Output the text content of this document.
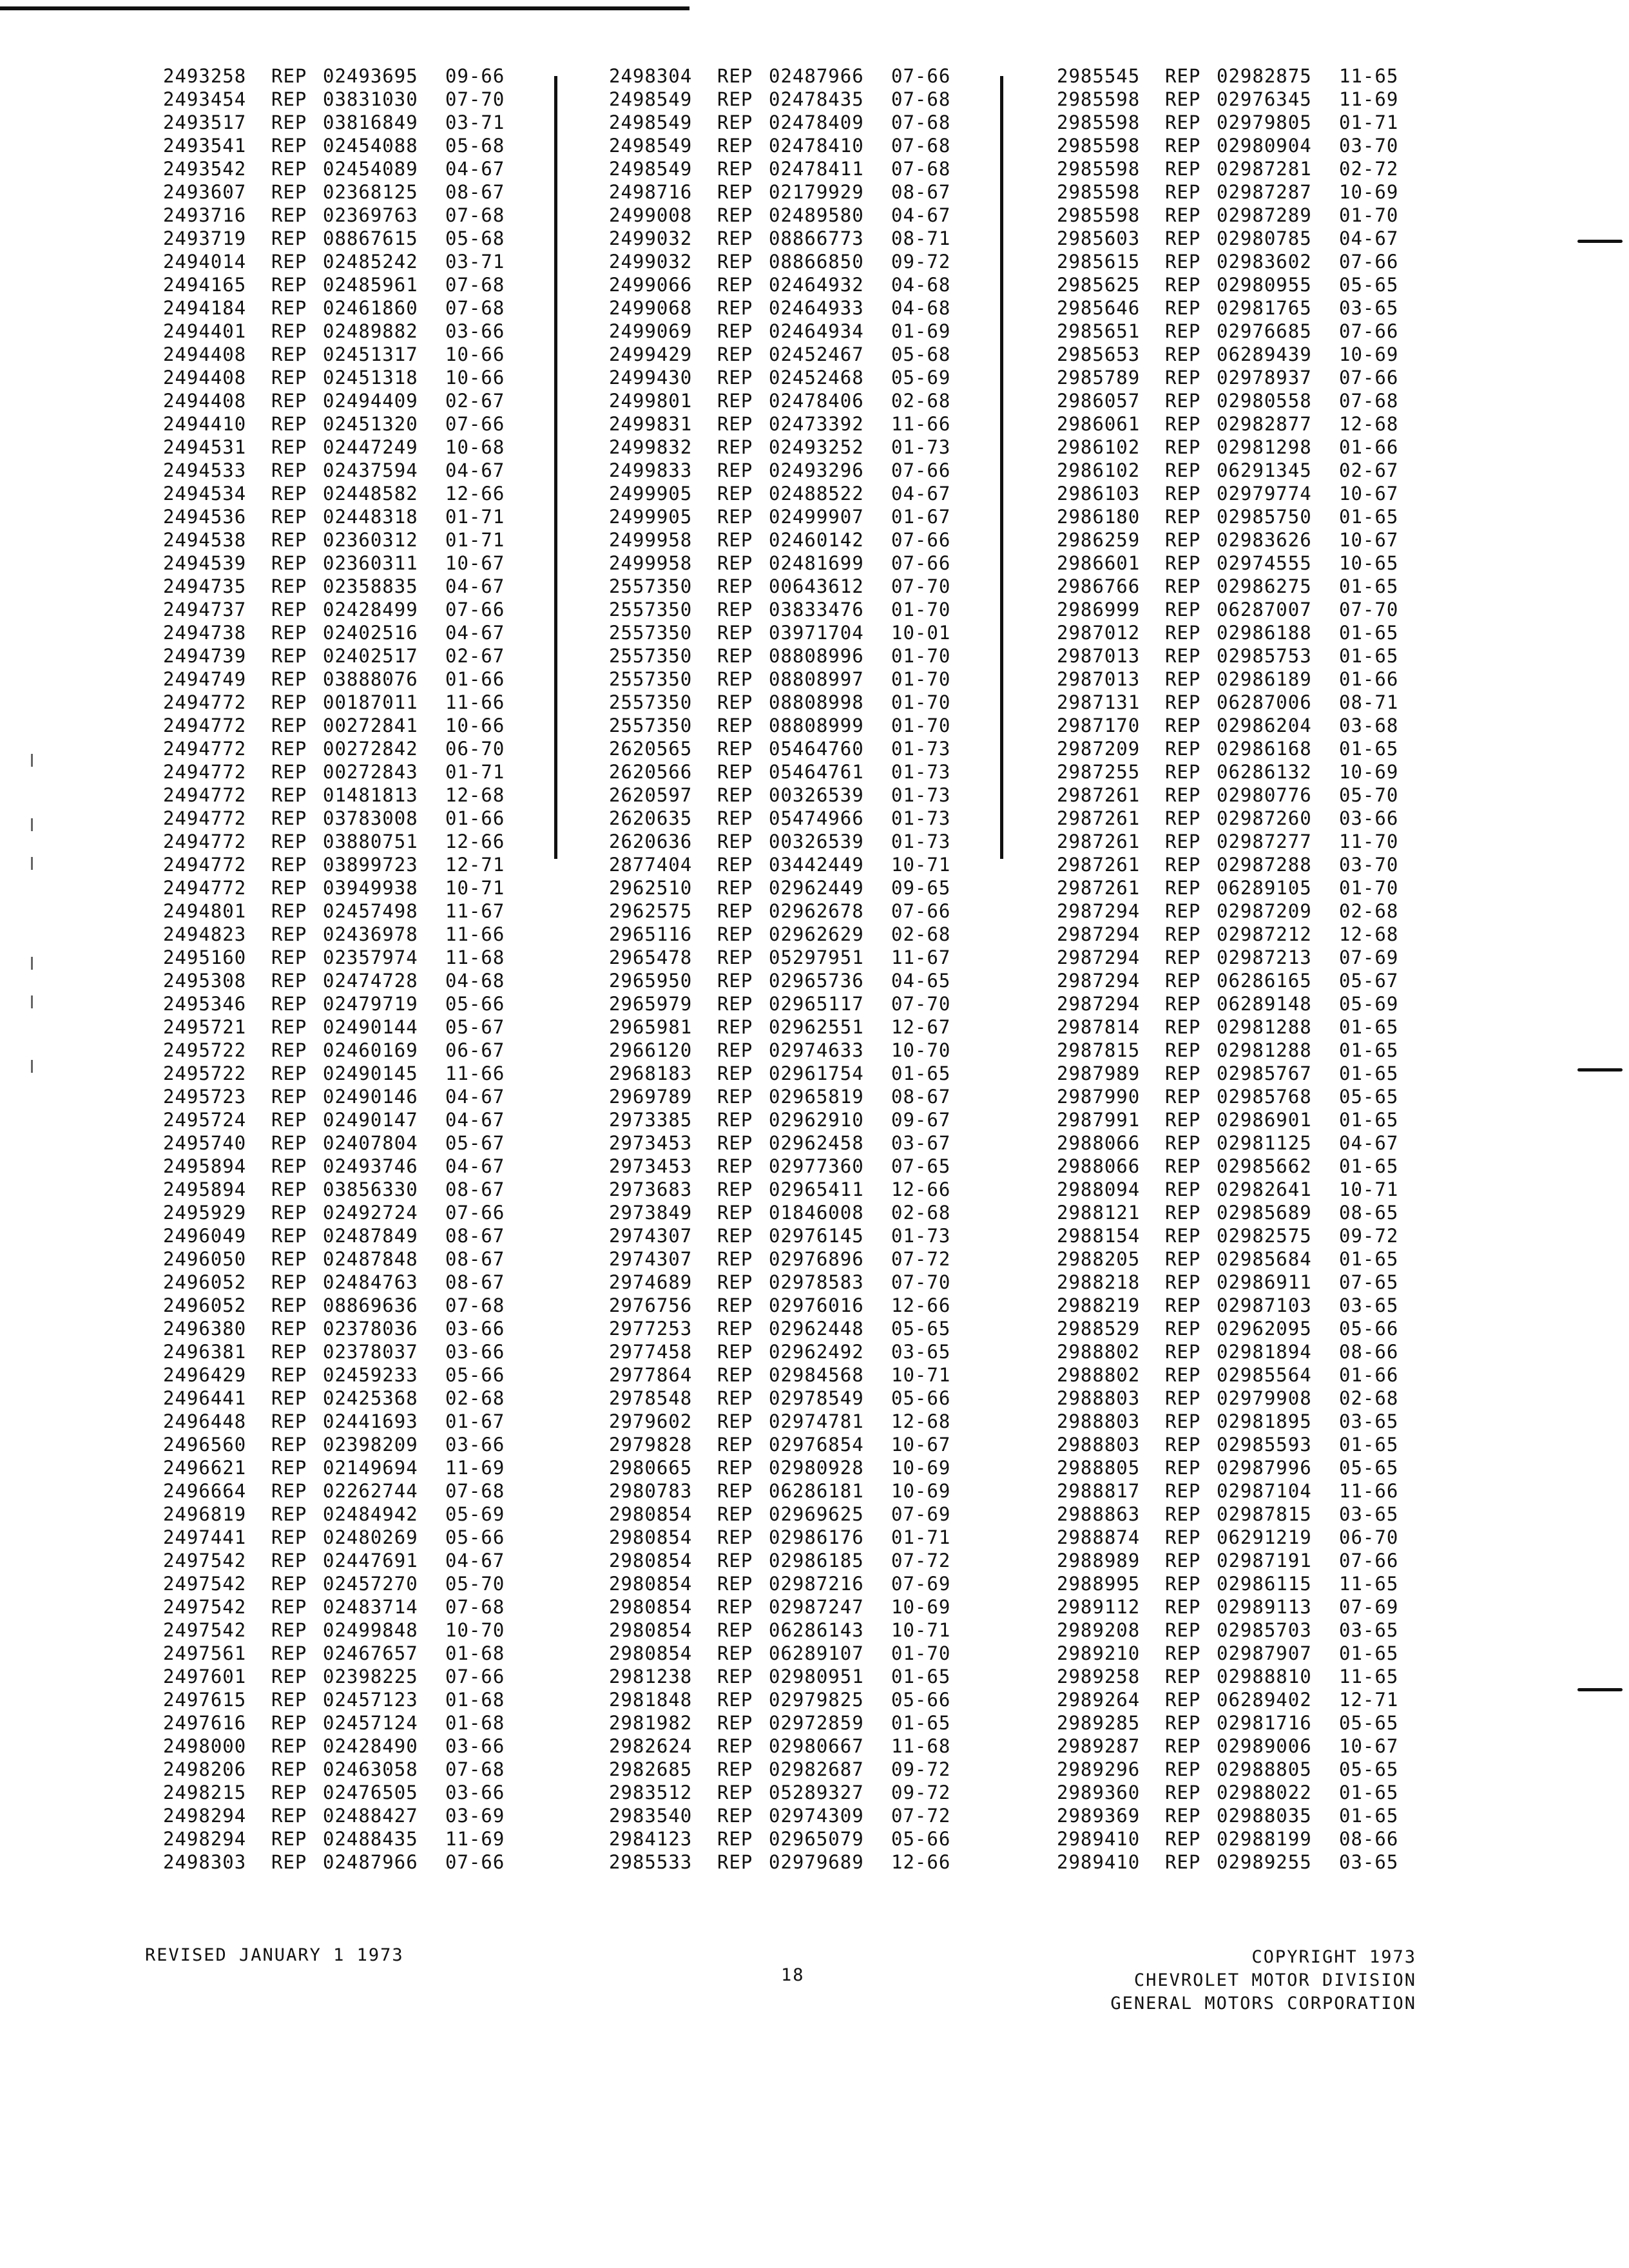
2493258 REP 02493695 09-66
2493454 REP 03831030 07-70
2493517 REP 03816849 03-71
2493541 REP 02454088 05-68
2493542 REP 02454089 04-67
2493607 REP 02368125 08-67
2493716 REP 02369763 07-68
2493719 REP 08867615 05-68
2494014 REP 02485242 03-71
2494165 REP 02485961 07-68
2494184 REP 02461860 07-68
2494401 REP 02489882 03-66
2494408 REP 02451317 10-66
2494408 REP 02451318 10-66
2494408 REP 02494409 02-67
2494410 REP 02451320 07-66
2494531 REP 02447249 10-68
2494533 REP 02437594 04-67
2494534 REP 02448582 12-66
2494536 REP 02448318 01-71
2494538 REP 02360312 01-71
2494539 REP 02360311 10-67
2494735 REP 02358835 04-67
2494737 REP 02428499 07-66
2494738 REP 02402516 04-67
2494739 REP 02402517 02-67
2494749 REP 03888076 01-66
2494772 REP 00187011 11-66
2494772 REP 00272841 10-66
2494772 REP 00272842 06-70
2494772 REP 00272843 01-71
2494772 REP 01481813 12-68
2494772 REP 03783008 01-66
2494772 REP 03880751 12-66
2494772 REP 03899723 12-71
2494772 REP 03949938 10-71
2494801 REP 02457498 11-67
2494823 REP 02436978 11-66
2495160 REP 02357974 11-68
2495308 REP 02474728 04-68
2495346 REP 02479719 05-66
2495721 REP 02490144 05-67
2495722 REP 02460169 06-67
2495722 REP 02490145 11-66
2495723 REP 02490146 04-67
2495724 REP 02490147 04-67
2495740 REP 02407804 05-67
2495894 REP 02493746 04-67
2495894 REP 03856330 08-67
2495929 REP 02492724 07-66
2496049 REP 02487849 08-67
2496050 REP 02487848 08-67
2496052 REP 02484763 08-67
2496052 REP 08869636 07-68
2496380 REP 02378036 03-66
2496381 REP 02378037 03-66
2496429 REP 02459233 05-66
2496441 REP 02425368 02-68
2496448 REP 02441693 01-67
2496560 REP 02398209 03-66
2496621 REP 02149694 11-69
2496664 REP 02262744 07-68
2496819 REP 02484942 05-69
2497441 REP 02480269 05-66
2497542 REP 02447691 04-67
2497542 REP 02457270 05-70
2497542 REP 02483714 07-68
2497542 REP 02499848 10-70
2497561 REP 02467657 01-68
2497601 REP 02398225 07-66
2497615 REP 02457123 01-68
2497616 REP 02457124 01-68
2498000 REP 02428490 03-66
2498206 REP 02463058 07-68
2498215 REP 02476505 03-66
2498294 REP 02488427 03-69
2498294 REP 02488435 11-69
2498303 REP 02487966 07-66
2498304 REP 02487966 07-66
2498549 REP 02478435 07-68
2498549 REP 02478409 07-68
2498549 REP 02478410 07-68
2498549 REP 02478411 07-68
2498716 REP 02179929 08-67
2499008 REP 02489580 04-67
2499032 REP 08866773 08-71
2499032 REP 08866850 09-72
2499066 REP 02464932 04-68
2499068 REP 02464933 04-68
2499069 REP 02464934 01-69
2499429 REP 02452467 05-68
2499430 REP 02452468 05-69
2499801 REP 02478406 02-68
2499831 REP 02473392 11-66
2499832 REP 02493252 01-73
2499833 REP 02493296 07-66
2499905 REP 02488522 04-67
2499905 REP 02499907 01-67
2499958 REP 02460142 07-66
2499958 REP 02481699 07-66
2557350 REP 00643612 07-70
2557350 REP 03833476 01-70
2557350 REP 03971704 10-01
2557350 REP 08808996 01-70
2557350 REP 08808997 01-70
2557350 REP 08808998 01-70
2557350 REP 08808999 01-70
2620565 REP 05464760 01-73
2620566 REP 05464761 01-73
2620597 REP 00326539 01-73
2620635 REP 05474966 01-73
2620636 REP 00326539 01-73
2877404 REP 03442449 10-71
2962510 REP 02962449 09-65
2962575 REP 02962678 07-66
2965116 REP 02962629 02-68
2965478 REP 05297951 11-67
2965950 REP 02965736 04-65
2965979 REP 02965117 07-70
2965981 REP 02962551 12-67
2966120 REP 02974633 10-70
2968183 REP 02961754 01-65
2969789 REP 02965819 08-67
2973385 REP 02962910 09-67
2973453 REP 02962458 03-67
2973453 REP 02977360 07-65
2973683 REP 02965411 12-66
2973849 REP 01846008 02-68
2974307 REP 02976145 01-73
2974307 REP 02976896 07-72
2974689 REP 02978583 07-70
2976756 REP 02976016 12-66
2977253 REP 02962448 05-65
2977458 REP 02962492 03-65
2977864 REP 02984568 10-71
2978548 REP 02978549 05-66
2979602 REP 02974781 12-68
2979828 REP 02976854 10-67
2980665 REP 02980928 10-69
2980783 REP 06286181 10-69
2980854 REP 02969625 07-69
2980854 REP 02986176 01-71
2980854 REP 02986185 07-72
2980854 REP 02987216 07-69
2980854 REP 02987247 10-69
2980854 REP 06286143 10-71
2980854 REP 06289107 01-70
2981238 REP 02980951 01-65
2981848 REP 02979825 05-66
2981982 REP 02972859 01-65
2982624 REP 02980667 11-68
2982685 REP 02982687 09-72
2983512 REP 05289327 09-72
2983540 REP 02974309 07-72
2984123 REP 02965079 05-66
2985533 REP 02979689 12-66
2985545 REP 02982875 11-65
2985598 REP 02976345 11-69
2985598 REP 02979805 01-71
2985598 REP 02980904 03-70
2985598 REP 02987281 02-72
2985598 REP 02987287 10-69
2985598 REP 02987289 01-70
2985603 REP 02980785 04-67
2985615 REP 02983602 07-66
2985625 REP 02980955 05-65
2985646 REP 02981765 03-65
2985651 REP 02976685 07-66
2985653 REP 06289439 10-69
2985789 REP 02978937 07-66
2986057 REP 02980558 07-68
2986061 REP 02982877 12-68
2986102 REP 02981298 01-66
2986102 REP 06291345 02-67
2986103 REP 02979774 10-67
2986180 REP 02985750 01-65
2986259 REP 02983626 10-67
2986601 REP 02974555 10-65
2986766 REP 02986275 01-65
2986999 REP 06287007 07-70
2987012 REP 02986188 01-65
2987013 REP 02985753 01-65
2987013 REP 02986189 01-66
2987131 REP 06287006 08-71
2987170 REP 02986204 03-68
2987209 REP 02986168 01-65
2987255 REP 06286132 10-69
2987261 REP 02980776 05-70
2987261 REP 02987260 03-66
2987261 REP 02987277 11-70
2987261 REP 02987288 03-70
2987261 REP 06289105 01-70
2987294 REP 02987209 02-68
2987294 REP 02987212 12-68
2987294 REP 02987213 07-69
2987294 REP 06286165 05-67
2987294 REP 06289148 05-69
2987814 REP 02981288 01-65
2987815 REP 02981288 01-65
2987989 REP 02985767 01-65
2987990 REP 02985768 05-65
2987991 REP 02986901 01-65
2988066 REP 02981125 04-67
2988066 REP 02985662 01-65
2988094 REP 02982641 10-71
2988121 REP 02985689 08-65
2988154 REP 02982575 09-72
2988205 REP 02985684 01-65
2988218 REP 02986911 07-65
2988219 REP 02987103 03-65
2988529 REP 02962095 05-66
2988802 REP 02981894 08-66
2988802 REP 02985564 01-66
2988803 REP 02979908 02-68
2988803 REP 02981895 03-65
2988803 REP 02985593 01-65
2988805 REP 02987996 05-65
2988817 REP 02987104 11-66
2988863 REP 02987815 03-65
2988874 REP 06291219 06-70
2988989 REP 02987191 07-66
2988995 REP 02986115 11-65
2989112 REP 02989113 07-69
2989208 REP 02985703 03-65
2989210 REP 02987907 01-65
2989258 REP 02988810 11-65
2989264 REP 06289402 12-71
2989285 REP 02981716 05-65
2989287 REP 02989006 10-67
2989296 REP 02988805 05-65
2989360 REP 02988022 01-65
2989369 REP 02988035 01-65
2989410 REP 02988199 08-66
2989410 REP 02989255 03-65
REVISED JANUARY 1 1973
18
COPYRIGHT 1973
CHEVROLET MOTOR DIVISION
GENERAL MOTORS CORPORATION
